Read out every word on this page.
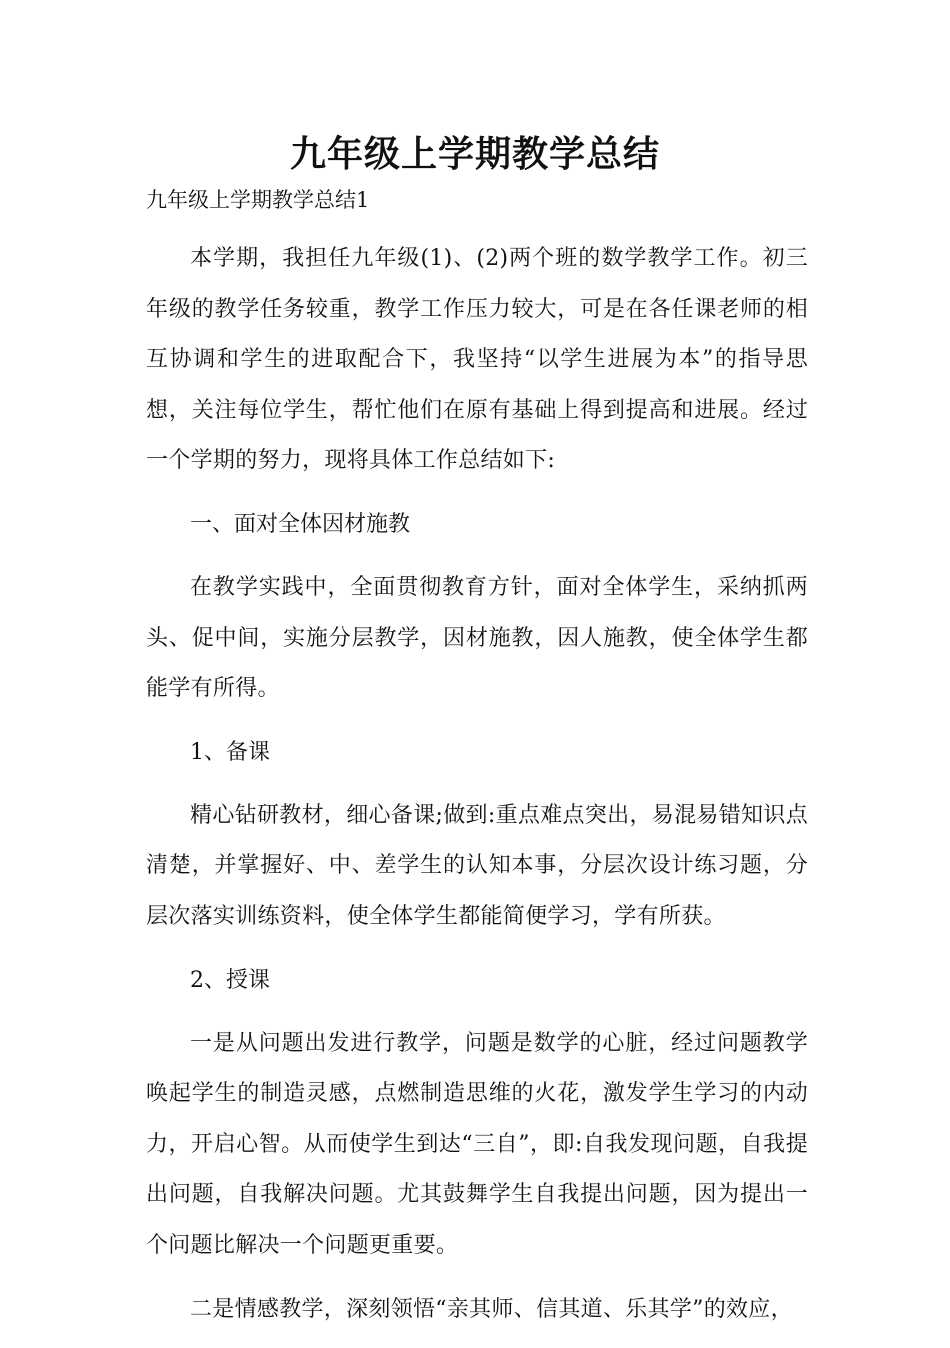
九年级上学期教学总结

九年级上学期教学总结1

本学期，我担任九年级(1)、(2)两个班的数学教学工作。初三年级的教学任务较重，教学工作压力较大，可是在各任课老师的相互协调和学生的进取配合下，我坚持“以学生进展为本”的指导思想，关注每位学生，帮忙他们在原有基础上得到提高和进展。经过一个学期的努力，现将具体工作总结如下:

一、面对全体因材施教

在教学实践中，全面贯彻教育方针，面对全体学生，采纳抓两头、促中间，实施分层教学，因材施教，因人施教，使全体学生都能学有所得。

1、备课

精心钻研教材，细心备课;做到:重点难点突出，易混易错知识点清楚，并掌握好、中、差学生的认知本事，分层次设计练习题，分层次落实训练资料，使全体学生都能简便学习，学有所获。

2、授课

一是从问题出发进行教学，问题是数学的心脏，经过问题教学唤起学生的制造灵感，点燃制造思维的火花，激发学生学习的内动力，开启心智。从而使学生到达“三自”，即:自我发现问题，自我提出问题，自我解决问题。尤其鼓舞学生自我提出问题，因为提出一个问题比解决一个问题更重要。

二是情感教学，深刻领悟“亲其师、信其道、乐其学”的效应，
